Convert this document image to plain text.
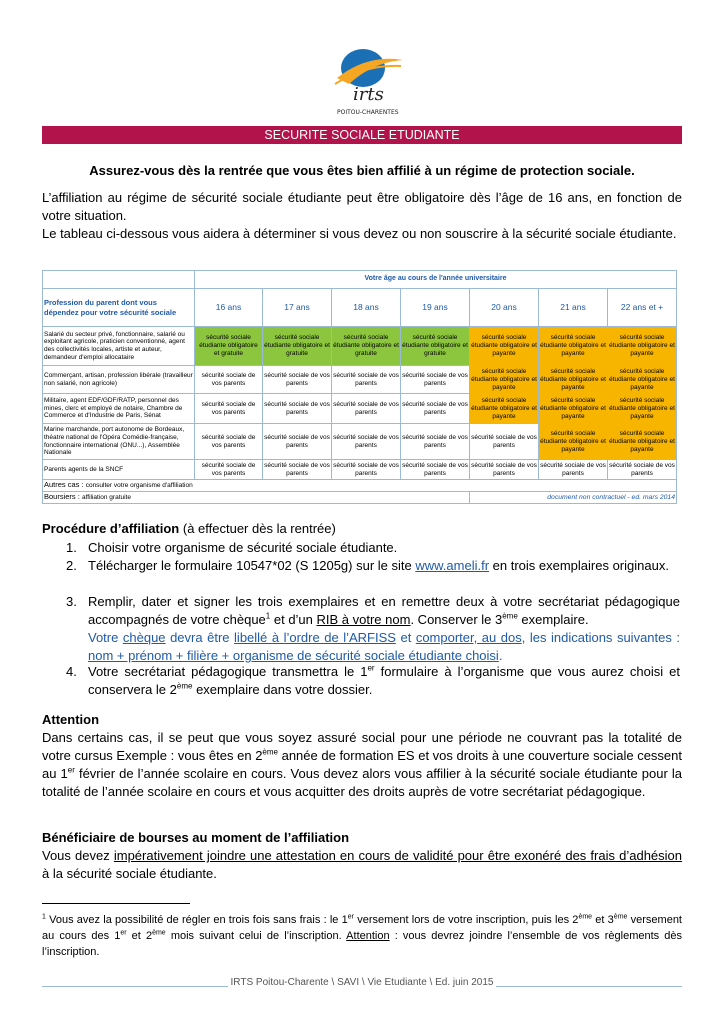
irts
POITOU-CHARENTES
SECURITE SOCIALE ETUDIANTE
Assurez-vous dès la rentrée que vous êtes bien affilié à un régime de protection sociale.
L’affiliation au régime de sécurité sociale étudiante peut être obligatoire dès l’âge de 16 ans, en fonction de votre situation.
Le tableau ci-dessous vous aidera à déterminer si vous devez ou non souscrire à la sécurité sociale étudiante.
	Votre âge au cours de l'année universitaire						
Profession du parent dont vous dépendez pour votre sécurité sociale	16 ans	17 ans	18 ans	19 ans	20 ans	21 ans	22 ans et +
Salarié du secteur privé, fonctionnaire, salarié ou exploitant agricole, praticien conventionné, agent des collectivités locales, artiste et auteur, demandeur d'emploi allocataire	sécurité sociale étudiante obligatoire et gratuite	sécurité sociale étudiante obligatoire et gratuite	sécurité sociale étudiante obligatoire et gratuite	sécurité sociale étudiante obligatoire et gratuite	sécurité sociale étudiante obligatoire et payante	sécurité sociale étudiante obligatoire et payante	sécurité sociale étudiante obligatoire et payante
Commerçant, artisan, profession libérale (travailleur non salarié, non agricole)	sécurité sociale de vos parents	sécurité sociale de vos parents	sécurité sociale de vos parents	sécurité sociale de vos parents	sécurité sociale étudiante obligatoire et payante	sécurité sociale étudiante obligatoire et payante	sécurité sociale étudiante obligatoire et payante
Militaire, agent EDF/GDF/RATP, personnel des mines, clerc et employé de notaire, Chambre de Commerce et d'Industrie de Paris, Sénat	sécurité sociale de vos parents	sécurité sociale de vos parents	sécurité sociale de vos parents	sécurité sociale de vos parents	sécurité sociale étudiante obligatoire et payante	sécurité sociale étudiante obligatoire et payante	sécurité sociale étudiante obligatoire et payante
Marine marchande, port autonome de Bordeaux, théatre national de l'Opéra Comédie-française, fonctionnaire international (ONU...), Assemblée Nationale	sécurité sociale de vos parents	sécurité sociale de vos parents	sécurité sociale de vos parents	sécurité sociale de vos parents	sécurité sociale de vos parents	sécurité sociale étudiante obligatoire et payante	sécurité sociale étudiante obligatoire et payante
Parents agents de la SNCF	sécurité sociale de vos parents	sécurité sociale de vos parents	sécurité sociale de vos parents	sécurité sociale de vos parents	sécurité sociale de vos parents	sécurité sociale de vos parents	sécurité sociale de vos parents
Autres cas : consulter votre organisme d'affiliation							
Boursiers : affiliation gratuite					document non contractuel - ed. mars 2014		
Procédure d’affiliation (à effectuer dès la rentrée)
1. Choisir votre organisme de sécurité sociale étudiante.
2. Télécharger le formulaire 10547*02 (S 1205g) sur le site www.ameli.fr en trois exemplaires originaux.
3. Remplir, dater et signer les trois exemplaires et en remettre deux à votre secrétariat pédagogique accompagnés de votre chèque$^1$ et d’un RIB à votre nom. Conserver le 3ème exemplaire.
Votre chèque devra être libellé à l’ordre de l’ARFISS et comporter, au dos, les indications suivantes : nom + prénom + filière + organisme de sécurité sociale étudiante choisi.
4. Votre secrétariat pédagogique transmettra le 1er formulaire à l’organisme que vous aurez choisi et conservera le 2ème exemplaire dans votre dossier.
Attention
Dans certains cas, il se peut que vous soyez assuré social pour une période ne couvrant pas la totalité de votre cursus Exemple : vous êtes en 2ème année de formation ES et vos droits à une couverture sociale cessent au 1er février de l’année scolaire en cours. Vous devez alors vous affilier à la sécurité sociale étudiante pour la totalité de l’année scolaire en cours et vous acquitter des droits auprès de votre secrétariat pédagogique.
Bénéficiaire de bourses au moment de l’affiliation
Vous devez impérativement joindre une attestation en cours de validité pour être exonéré des frais d’adhésion à la sécurité sociale étudiante.
$^1$ Vous avez la possibilité de régler en trois fois sans frais : le 1er versement lors de votre inscription, puis les 2ème et 3ème versement au cours des 1er et 2ème mois suivant celui de l’inscription. Attention : vous devrez joindre l’ensemble de vos règlements dès l’inscription.
IRTS Poitou-Charente \ SAVI \ Vie Etudiante \ Ed. juin 2015
